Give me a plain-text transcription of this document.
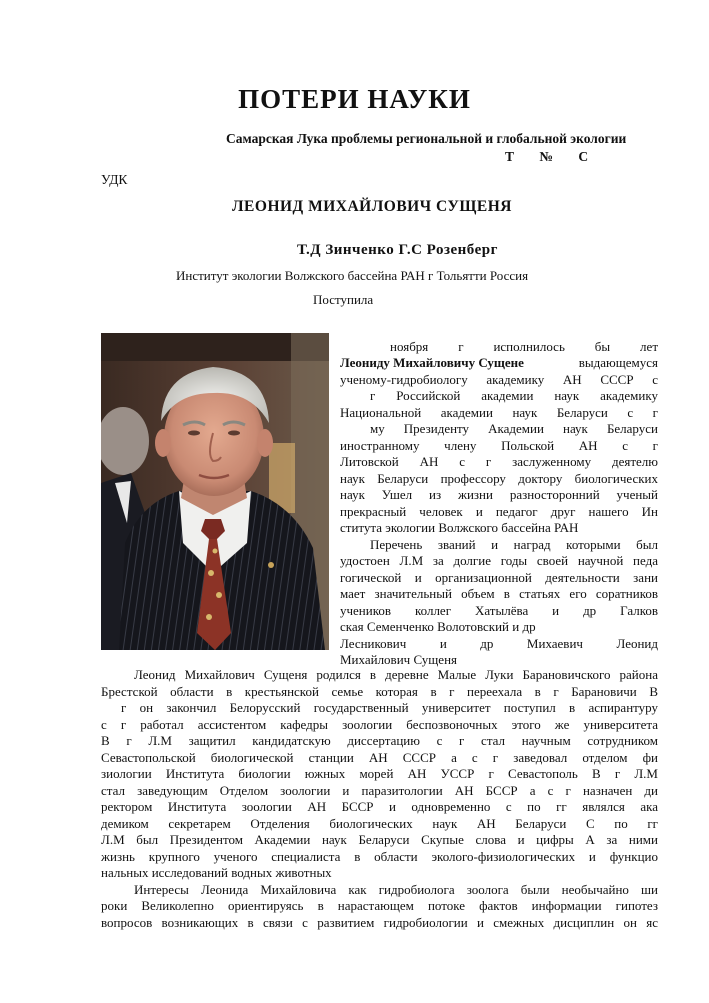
ПОТЕРИ НАУКИ
Самарская Лука проблемы региональной и глобальной экологии
Т № С
УДК
ЛЕОНИД МИХАЙЛОВИЧ СУЩЕНЯ
Т.Д Зинченко Г.С Розенберг
Институт экологии Волжского бассейна РАН г Тольятти Россия
Поступила
ноября г исполнилось бы лет
Леониду Михайловичу Сущене	выдающемуся
ученому-гидробиологу академику АН СССР с
г Российской академии наук академику
Национальной академии наук Беларуси с г
му Президенту Академии наук Беларуси
иностранному члену Польской АН с г
Литовской АН с г заслуженному деятелю
наук Беларуси профессору доктору биологических
наук Ушел из жизни разносторонний ученый
прекрасный человек и педагог друг нашего Ин
ститута экологии Волжского бассейна РАН
Перечень званий и наград которыми был
удостоен Л.М за долгие годы своей научной педа
гогической и организационной деятельности зани
мает значительный объем в статьях его соратников
учеников коллег Хатылёва и др Галков
ская Семенченко Волотовский и др
Лесникович и др Михаевич Леонид
Михайлович Сущеня
Леонид Михайлович Сущеня родился в деревне Малые Луки Барановичского района
Брестской области в крестьянской семье которая в г переехала в г Барановичи В
г он закончил Белорусский государственный университет поступил в аспирантуру
с г работал ассистентом кафедры зоологии беспозвоночных этого же университета
В г Л.М защитил кандидатскую диссертацию с г стал научным сотрудником
Севастопольской биологической станции АН СССР а с г заведовал отделом фи
зиологии Института биологии южных морей АН УССР г Севастополь В г Л.М
стал заведующим Отделом зоологии и паразитологии АН БССР а с г назначен ди
ректором Института зоологии АН БССР и одновременно с по гг являлся ака
демиком секретарем Отделения биологических наук АН Беларуси С по гг
Л.М был Президентом Академии наук Беларуси Скупые слова и цифры А за ними
жизнь крупного ученого специалиста в области эколого-физиологических и функцио
нальных исследований водных животных
Интересы Леонида Михайловича как гидробиолога зоолога были необычайно ши
роки Великолепно ориентируясь в нарастающем потоке фактов информации гипотез
вопросов возникающих в связи с развитием гидробиологии и смежных дисциплин он яс
